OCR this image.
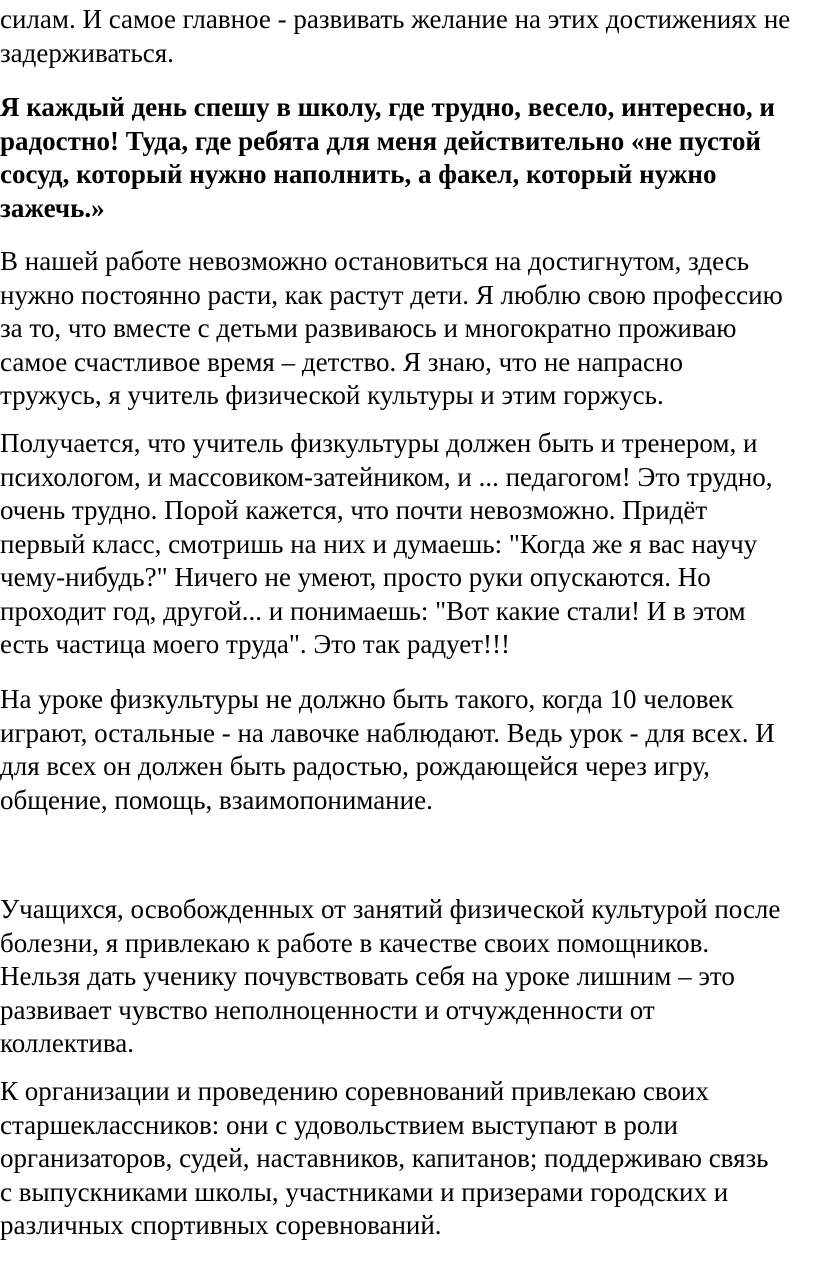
силам. И самое главное - развивать желание на этих достижениях не
задерживаться.

Я каждый день спешу в школу, где трудно, весело, интересно, и
радостно! Туда, где ребята для меня действительно «не пустой
сосуд, который нужно наполнить, а факел, который нужно
зажечь.»

В нашей работе невозможно остановиться на достигнутом, здесь
нужно постоянно расти, как растут дети. Я люблю свою профессию
за то, что вместе с детьми развиваюсь и многократно проживаю
самое счастливое время – детство. Я знаю, что не напрасно
тружусь, я учитель физической культуры и этим горжусь.

Получается, что учитель физкультуры должен быть и тренером, и
психологом, и массовиком-затейником, и ... педагогом! Это трудно,
очень трудно. Порой кажется, что почти невозможно. Придёт
первый класс, смотришь на них и думаешь: "Когда же я вас научу
чему-нибудь?" Ничего не умеют, просто руки опускаются. Но
проходит год, другой... и понимаешь: "Вот какие стали! И в этом
есть частица моего труда". Это так радует!!!

На уроке физкультуры не должно быть такого, когда 10 человек
играют, остальные - на лавочке наблюдают. Ведь урок - для всех. И
для всех он должен быть радостью, рождающейся через игру,
общение, помощь, взаимопонимание.

Учащихся, освобожденных от занятий физической культурой после
болезни, я привлекаю к работе в качестве своих помощников.
Нельзя дать ученику почувствовать себя на уроке лишним – это
развивает чувство неполноценности и отчужденности от
коллектива.

К организации и проведению соревнований привлекаю своих
старшеклассников: они с удовольствием выступают в роли
организаторов, судей, наставников, капитанов; поддерживаю связь
с выпускниками школы, участниками и призерами городских и
различных спортивных соревнований.
